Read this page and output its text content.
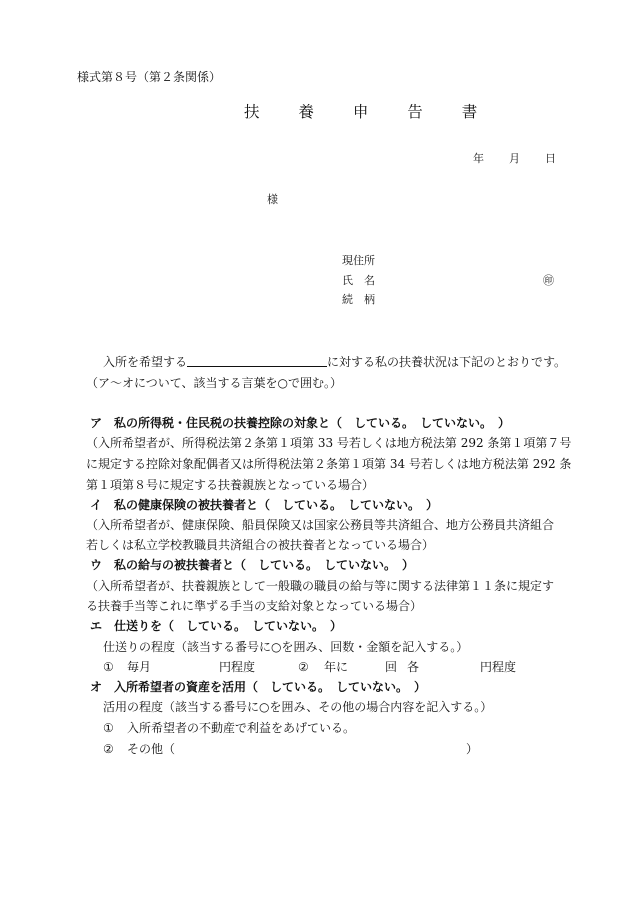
様式第８号（第２条関係）
扶 養 申 告 書
年 月 日
様
現住所
氏　名	㊞
続　柄
入所を希望する	に対する私の扶養状況は下記のとおりです。
（ア～オについて、該当する言葉を○で囲む。）
ア　私の所得税・住民税の扶養控除の対象と（　している。　していない。　）
（入所希望者が、所得税法第２条第１項第 33 号若しくは地方税法第 292 条第１項第７号
に規定する控除対象配偶者又は所得税法第２条第１項第 34 号若しくは地方税法第 292 条
第１項第８号に規定する扶養親族となっている場合）
イ　私の健康保険の被扶養者と（　している。　していない。　）
（入所希望者が、健康保険、船員保険又は国家公務員等共済組合、地方公務員共済組合
若しくは私立学校教職員共済組合の被扶養者となっている場合）
ウ　私の給与の被扶養者と（　している。　していない。　）
（入所希望者が、扶養親族として一般職の職員の給与等に関する法律第１１条に規定す
る扶養手当等これに準ずる手当の支給対象となっている場合）
エ　仕送りを（　している。　していない。　）
仕送りの程度（該当する番号に○を囲み、回数・金額を記入する。）
① 毎月	円程度	② 年に	回 各	円程度
オ　入所希望者の資産を活用（　している。　していない。　）
活用の程度（該当する番号に○を囲み、その他の場合内容を記入する。）
① 入所希望者の不動産で利益をあげている。
② その他（	）
